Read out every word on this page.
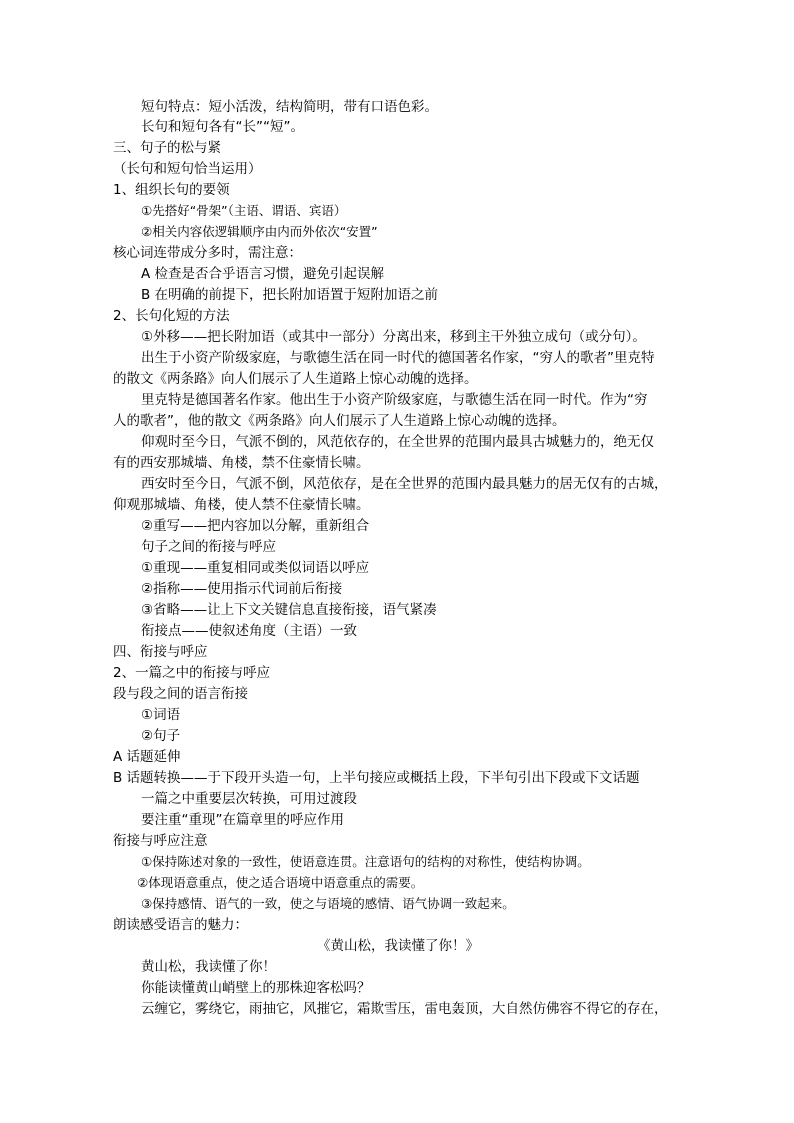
短句特点：短小活泼，结构简明，带有口语色彩。
长句和短句各有“长”“短”。
三、句子的松与紧
（长句和短句恰当运用）
1、组织长句的要领
①先搭好“骨架”（主语、谓语、宾语）
②相关内容依逻辑顺序由内而外依次“安置”
核心词连带成分多时，需注意：
A 检查是否合乎语言习惯，避免引起误解
B 在明确的前提下，把长附加语置于短附加语之前
2、长句化短的方法
①外移——把长附加语（或其中一部分）分离出来，移到主干外独立成句（或分句）。
出生于小资产阶级家庭，与歌德生活在同一时代的德国著名作家，“穷人的歌者”里克特
的散文《两条路》向人们展示了人生道路上惊心动魄的选择。
里克特是德国著名作家。他出生于小资产阶级家庭，与歌德生活在同一时代。作为“穷
人的歌者”，他的散文《两条路》向人们展示了人生道路上惊心动魄的选择。
仰观时至今日，气派不倒的，风范依存的，在全世界的范围内最具古城魅力的，绝无仅
有的西安那城墙、角楼，禁不住豪情长啸。
西安时至今日，气派不倒，风范依存，是在全世界的范围内最具魅力的居无仅有的古城，
仰观那城墙、角楼，使人禁不住豪情长啸。
②重写——把内容加以分解，重新组合
句子之间的衔接与呼应
①重现——重复相同或类似词语以呼应
②指称——使用指示代词前后衔接
③省略——让上下文关键信息直接衔接，语气紧凑
衔接点——使叙述角度（主语）一致
四、衔接与呼应
2、一篇之中的衔接与呼应
段与段之间的语言衔接
①词语
②句子
A 话题延伸
B 话题转换——于下段开头造一句，上半句接应或概括上段，下半句引出下段或下文话题
一篇之中重要层次转换，可用过渡段
要注重“重现”在篇章里的呼应作用
衔接与呼应注意
①保持陈述对象的一致性，使语意连贯。注意语句的结构的对称性，使结构协调。
②体现语意重点，使之适合语境中语意重点的需要。
③保持感情、语气的一致，使之与语境的感情、语气协调一致起来。
朗读感受语言的魅力：
《黄山松，我读懂了你！》
黄山松，我读懂了你！
你能读懂黄山峭壁上的那株迎客松吗？
云缠它，雾绕它，雨抽它，风摧它，霜欺雪压，雷电轰顶，大自然仿佛容不得它的存在，
